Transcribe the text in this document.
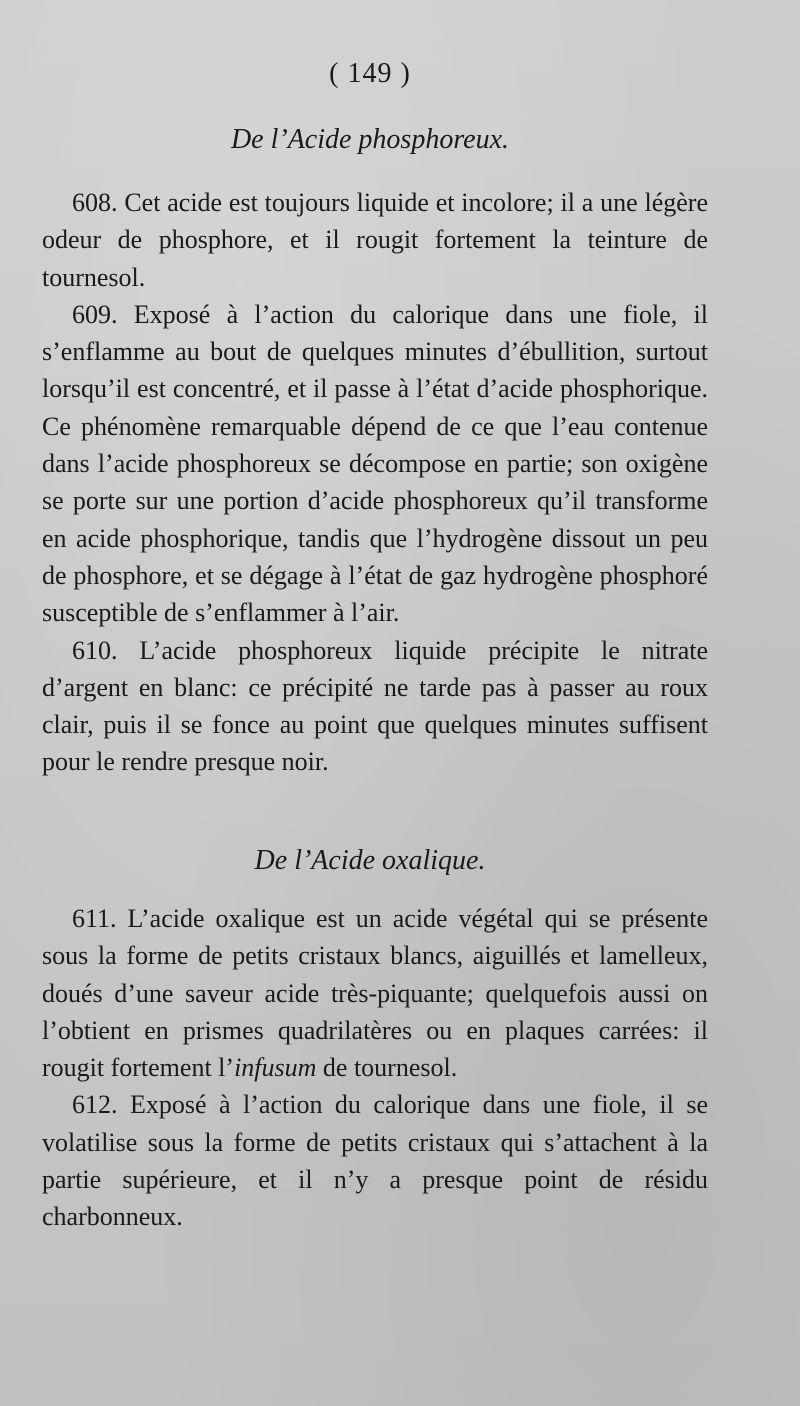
( 149 )
De l’Acide phosphoreux.

608. Cet acide est toujours liquide et incolore; il a une légère odeur de phosphore, et il rougit fortement la teinture de tournesol.

609. Exposé à l’action du calorique dans une fiole, il s’enflamme au bout de quelques minutes d’ébullition, surtout lorsqu’il est concentré, et il passe à l’état d’acide phosphorique. Ce phénomène remarquable dépend de ce que l’eau contenue dans l’acide phosphoreux se décompose en partie; son oxigène se porte sur une portion d’acide phosphoreux qu’il transforme en acide phosphorique, tandis que l’hydrogène dissout un peu de phosphore, et se dégage à l’état de gaz hydrogène phosphoré susceptible de s’enflammer à l’air.

610. L’acide phosphoreux liquide précipite le nitrate d’argent en blanc: ce précipité ne tarde pas à passer au roux clair, puis il se fonce au point que quelques minutes suffisent pour le rendre presque noir.

De l’Acide oxalique.

611. L’acide oxalique est un acide végétal qui se présente sous la forme de petits cristaux blancs, aiguillés et lamelleux, doués d’une saveur acide très-piquante; quelquefois aussi on l’obtient en prismes quadrilatères ou en plaques carrées: il rougit fortement l’infusum de tournesol.

612. Exposé à l’action du calorique dans une fiole, il se volatilise sous la forme de petits cristaux qui s’attachent à la partie supérieure, et il n’y a presque point de résidu charbonneux.
